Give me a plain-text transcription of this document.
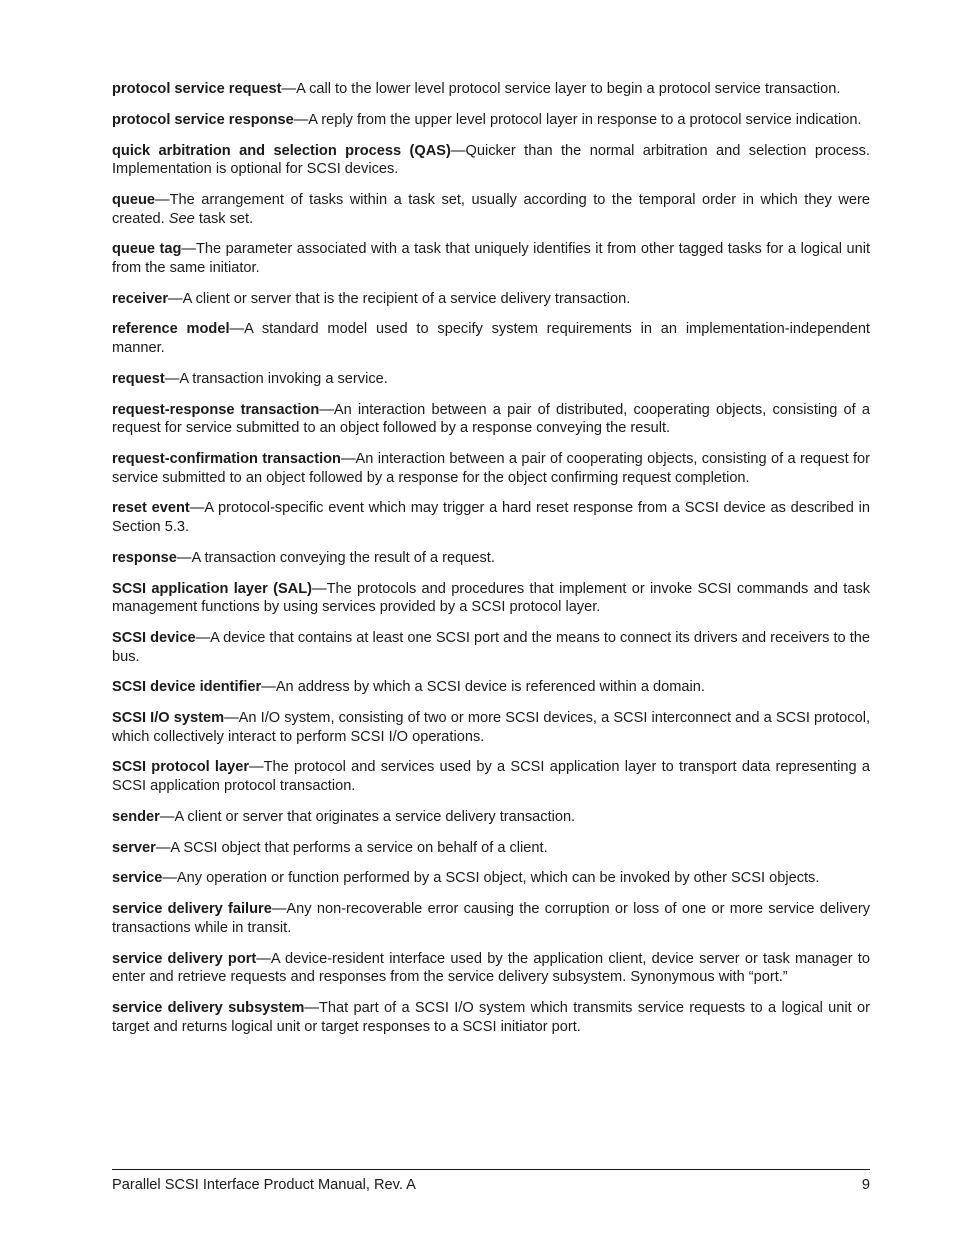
protocol service request—A call to the lower level protocol service layer to begin a protocol service transaction.

protocol service response—A reply from the upper level protocol layer in response to a protocol service indication.

quick arbitration and selection process (QAS)—Quicker than the normal arbitration and selection process. Implementation is optional for SCSI devices.

queue—The arrangement of tasks within a task set, usually according to the temporal order in which they were created. See task set.

queue tag—The parameter associated with a task that uniquely identifies it from other tagged tasks for a logical unit from the same initiator.

receiver—A client or server that is the recipient of a service delivery transaction.

reference model—A standard model used to specify system requirements in an implementation-independent manner.

request—A transaction invoking a service.

request-response transaction—An interaction between a pair of distributed, cooperating objects, consisting of a request for service submitted to an object followed by a response conveying the result.

request-confirmation transaction—An interaction between a pair of cooperating objects, consisting of a request for service submitted to an object followed by a response for the object confirming request completion.

reset event—A protocol-specific event which may trigger a hard reset response from a SCSI device as described in Section 5.3.

response—A transaction conveying the result of a request.

SCSI application layer (SAL)—The protocols and procedures that implement or invoke SCSI commands and task management functions by using services provided by a SCSI protocol layer.

SCSI device—A device that contains at least one SCSI port and the means to connect its drivers and receivers to the bus.

SCSI device identifier—An address by which a SCSI device is referenced within a domain.

SCSI I/O system—An I/O system, consisting of two or more SCSI devices, a SCSI interconnect and a SCSI protocol, which collectively interact to perform SCSI I/O operations.

SCSI protocol layer—The protocol and services used by a SCSI application layer to transport data representing a SCSI application protocol transaction.

sender—A client or server that originates a service delivery transaction.

server—A SCSI object that performs a service on behalf of a client.

service—Any operation or function performed by a SCSI object, which can be invoked by other SCSI objects.

service delivery failure—Any non-recoverable error causing the corruption or loss of one or more service delivery transactions while in transit.

service delivery port—A device-resident interface used by the application client, device server or task manager to enter and retrieve requests and responses from the service delivery subsystem. Synonymous with “port.”

service delivery subsystem—That part of a SCSI I/O system which transmits service requests to a logical unit or target and returns logical unit or target responses to a SCSI initiator port.

Parallel SCSI Interface Product Manual, Rev. A	9
